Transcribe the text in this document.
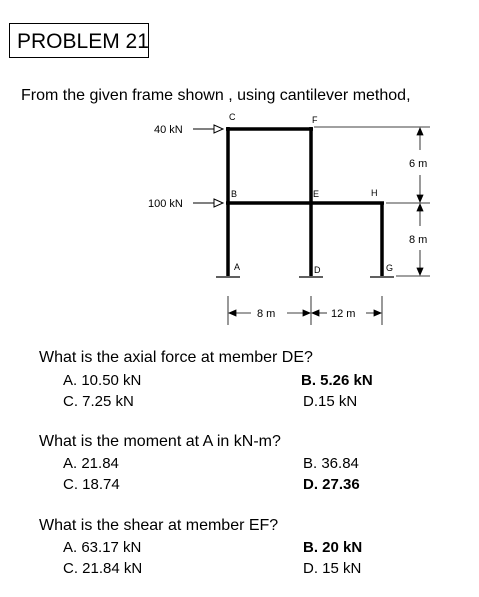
PROBLEM 21
From the given frame shown , using cantilever method,
40 kN
100 kN
C	F
B	E	H
A	D	G
8 m	12 m
6 m
8 m
What is the axial force at member DE?
A. 10.50 kN	B. 5.26 kN
C. 7.25 kN	D.15 kN
What is the moment at A in kN-m?
A. 21.84	B. 36.84
C. 18.74	D. 27.36
What is the shear at member EF?
A. 63.17 kN	B. 20 kN
C. 21.84 kN	D. 15 kN
